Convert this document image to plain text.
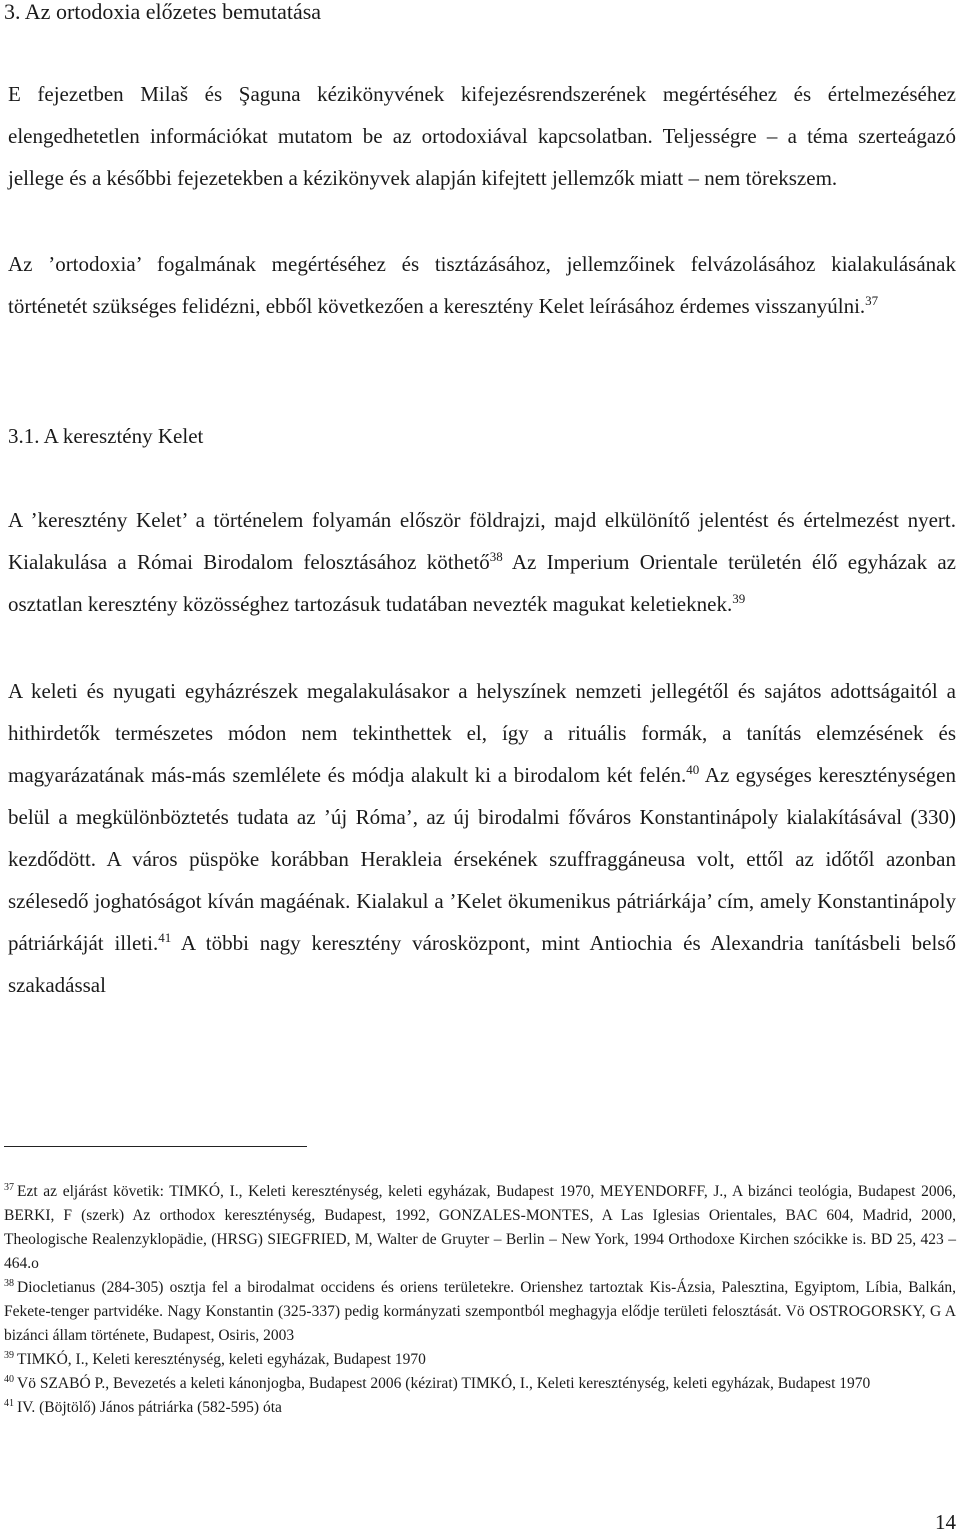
3. Az ortodoxia előzetes bemutatása

E fejezetben Milaš és Şaguna kézikönyvének kifejezésrendszerének megértéséhez és értelmezéséhez elengedhetetlen információkat mutatom be az ortodoxiával kapcsolatban. Teljességre – a téma szerteágazó jellege és a későbbi fejezetekben a kézikönyvek alapján kifejtett jellemzők miatt – nem törekszem.

Az ’ortodoxia’ fogalmának megértéséhez és tisztázásához, jellemzőinek felvázolásához kialakulásának történetét szükséges felidézni, ebből következően a keresztény Kelet leírásához érdemes visszanyúlni.$^{37}$

3.1. A keresztény Kelet

A ’keresztény Kelet’ a történelem folyamán először földrajzi, majd elkülönítő jelentést és értelmezést nyert. Kialakulása a Római Birodalom felosztásához köthető$^{38}$ Az Imperium Orientale területén élő egyházak az osztatlan keresztény közösséghez tartozásuk tudatában nevezték magukat keletieknek.$^{39}$

A keleti és nyugati egyházrészek megalakulásakor a helyszínek nemzeti jellegétől és sajátos adottságaitól a hithirdetők természetes módon nem tekinthettek el, így a rituális formák, a tanítás elemzésének és magyarázatának más-más szemlélete és módja alakult ki a birodalom két felén.$^{40}$ Az egységes kereszténységen belül a megkülönböztetés tudata az ’új Róma’, az új birodalmi főváros Konstantinápoly kialakításával (330) kezdődött. A város püspöke korábban Herakleia érsekének szuffraggáneusa volt, ettől az időtől azonban szélesedő joghatóságot kíván magáénak. Kialakul a ’Kelet ökumenikus pátriárkája’ cím, amely Konstantinápoly pátriárkáját illeti.$^{41}$ A többi nagy keresztény városközpont, mint Antiochia és Alexandria tanításbeli belső szakadással

$^{37}$ Ezt az eljárást követik: TIMKÓ, I., Keleti kereszténység, keleti egyházak, Budapest 1970, MEYENDORFF, J., A bizánci teológia, Budapest 2006, BERKI, F (szerk) Az orthodox kereszténység, Budapest, 1992, GONZALES-MONTES, A Las Iglesias Orientales, BAC 604, Madrid, 2000, Theologische Realenzyklopädie, (HRSG) SIEGFRIED, M, Walter de Gruyter – Berlin – New York, 1994 Orthodoxe Kirchen szócikke is. BD 25, 423 – 464.o

$^{38}$ Diocletianus (284-305) osztja fel a birodalmat occidens és oriens területekre. Orienshez tartoztak Kis-Ázsia, Palesztina, Egyiptom, Líbia, Balkán, Fekete-tenger partvidéke. Nagy Konstantin (325-337) pedig kormányzati szempontból meghagyja elődje területi felosztását. Vö OSTROGORSKY, G A bizánci állam története, Budapest, Osiris, 2003

$^{39}$ TIMKÓ, I., Keleti kereszténység, keleti egyházak, Budapest 1970

$^{40}$ Vö SZABÓ P., Bevezetés a keleti kánonjogba, Budapest 2006 (kézirat) TIMKÓ, I., Keleti kereszténység, keleti egyházak, Budapest 1970

$^{41}$ IV. (Böjtölő) János pátriárka (582-595) óta

14
